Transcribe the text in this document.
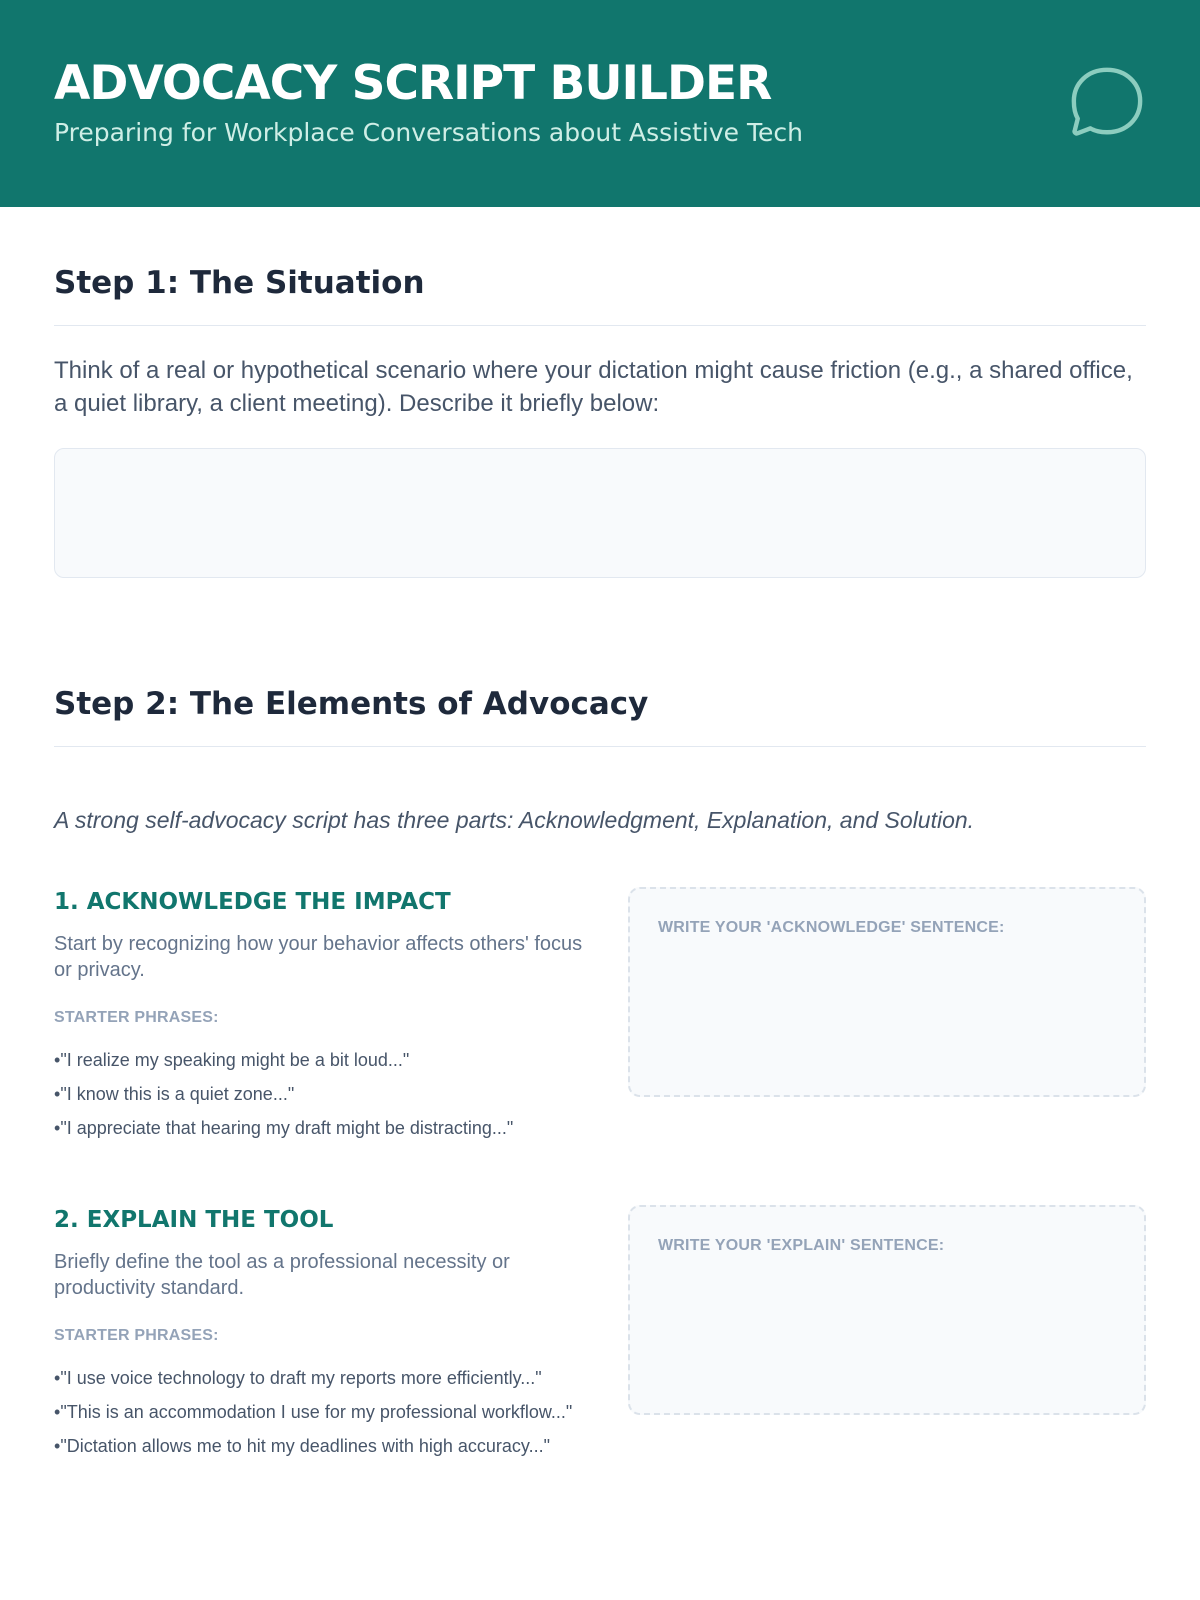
ADVOCACY SCRIPT BUILDER
Preparing for Workplace Conversations about Assistive Tech
Step 1: The Situation
Think of a real or hypothetical scenario where your dictation might cause friction (e.g., a shared office, a quiet library, a client meeting). Describe it briefly below:
Step 2: The Elements of Advocacy
A strong self-advocacy script has three parts: Acknowledgment, Explanation, and Solution.
1. ACKNOWLEDGE THE IMPACT
Start by recognizing how your behavior affects others' focus or privacy.
STARTER PHRASES:
• "I realize my speaking might be a bit loud..."
• "I know this is a quiet zone..."
• "I appreciate that hearing my draft might be distracting..."
WRITE YOUR 'ACKNOWLEDGE' SENTENCE:
2. EXPLAIN THE TOOL
Briefly define the tool as a professional necessity or productivity standard.
STARTER PHRASES:
• "I use voice technology to draft my reports more efficiently..."
• "This is an accommodation I use for my professional workflow..."
• "Dictation allows me to hit my deadlines with high accuracy..."
WRITE YOUR 'EXPLAIN' SENTENCE:
